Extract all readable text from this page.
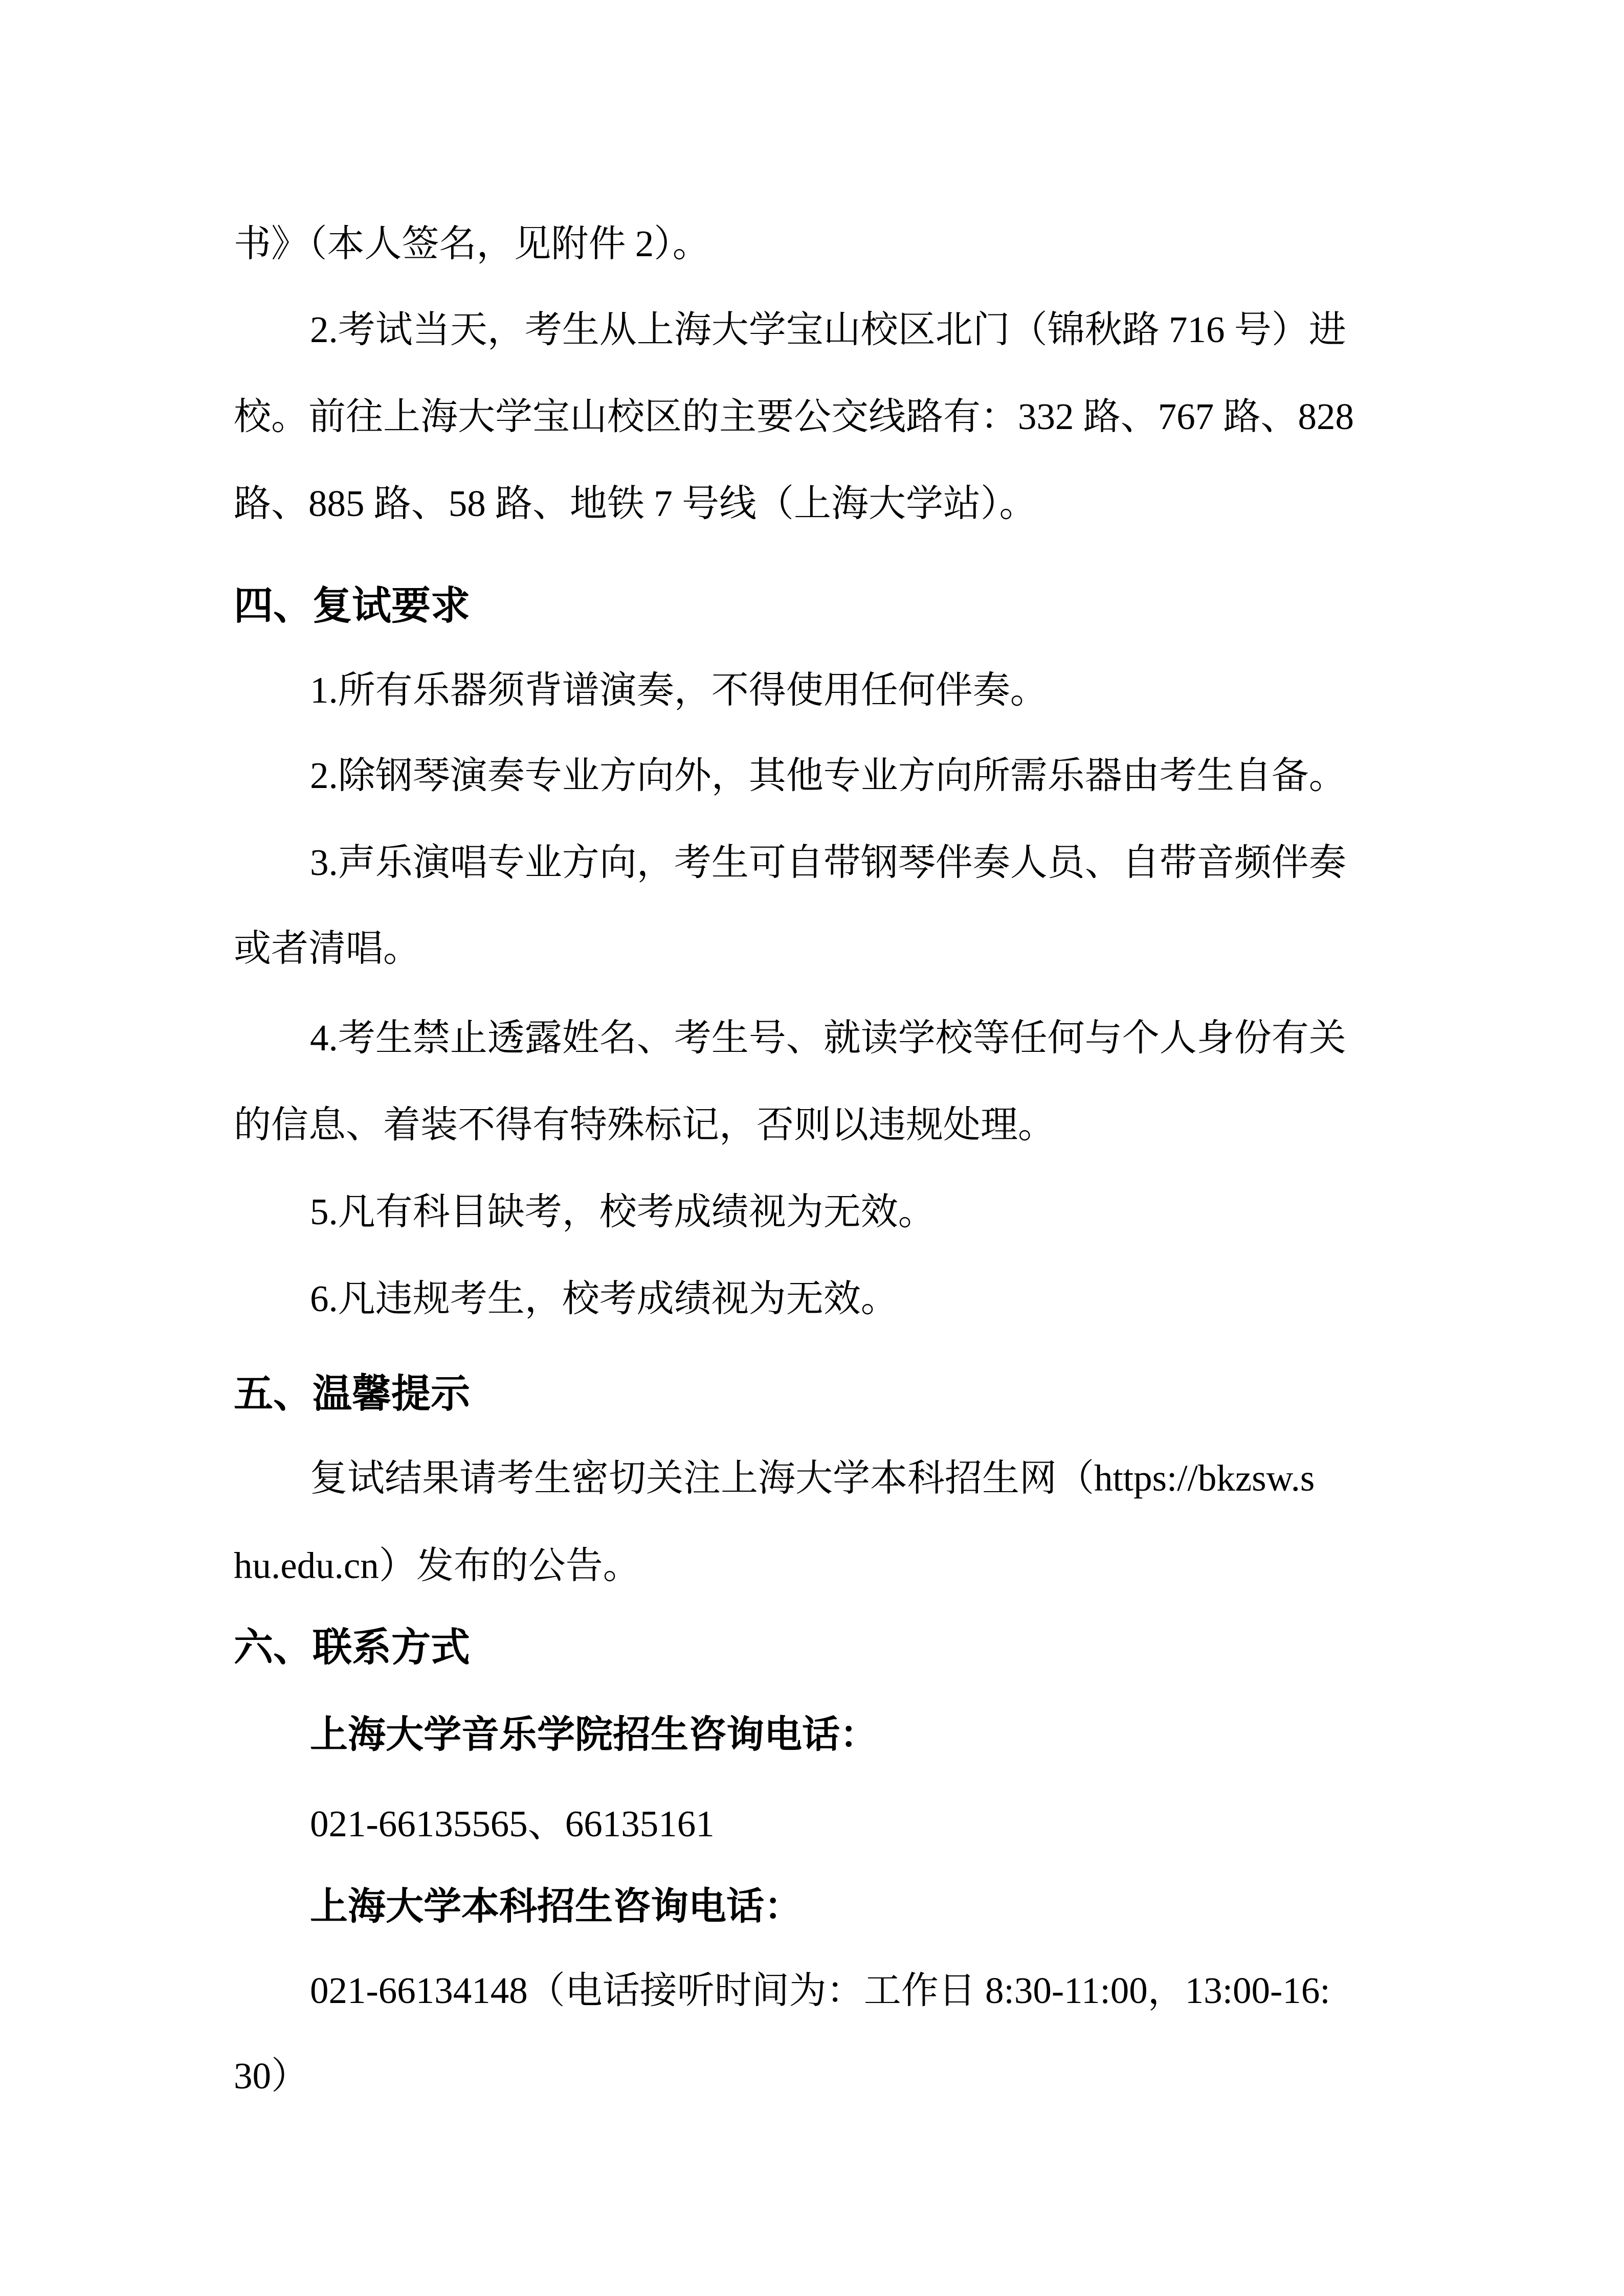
书》（本人签名，见附件 2）。
2.考试当天，考生从上海大学宝山校区北门（锦秋路 716 号）进
校。前往上海大学宝山校区的主要公交线路有：332 路、767 路、828
路、885 路、58 路、地铁 7 号线（上海大学站）。
四、复试要求
1.所有乐器须背谱演奏，不得使用任何伴奏。
2.除钢琴演奏专业方向外，其他专业方向所需乐器由考生自备。
3.声乐演唱专业方向，考生可自带钢琴伴奏人员、自带音频伴奏
或者清唱。
4.考生禁止透露姓名、考生号、就读学校等任何与个人身份有关
的信息、着装不得有特殊标记，否则以违规处理。
5.凡有科目缺考，校考成绩视为无效。
6.凡违规考生，校考成绩视为无效。
五、温馨提示
复试结果请考生密切关注上海大学本科招生网（https://bkzsw.s
hu.edu.cn）发布的公告。
六、联系方式
上海大学音乐学院招生咨询电话：
021-66135565、66135161
上海大学本科招生咨询电话：
021-66134148（电话接听时间为：工作日 8:30-11:00，13:00-16:
30）
